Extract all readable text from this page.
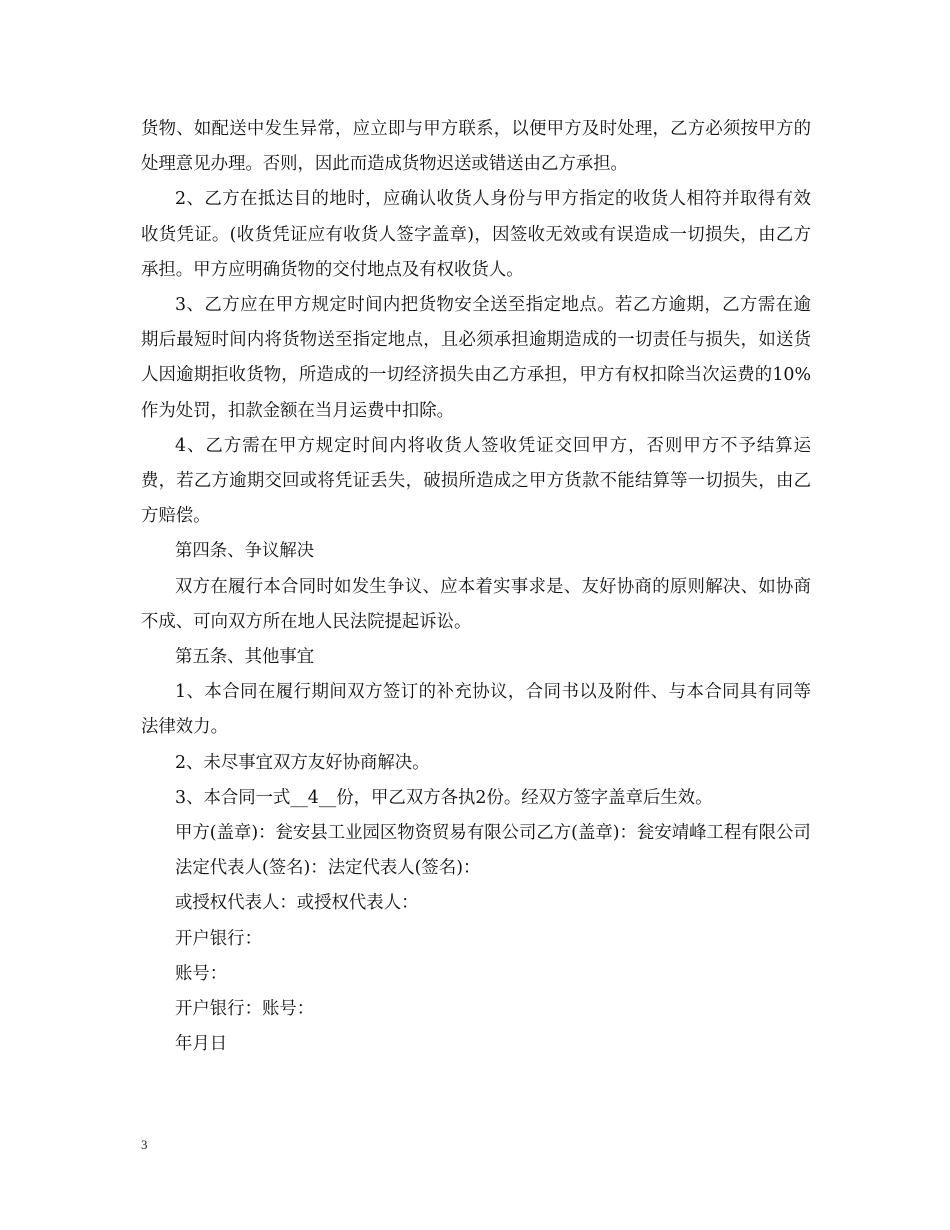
货物、如配送中发生异常，应立即与甲方联系，以便甲方及时处理，乙方必须按甲方的处理意见办理。否则，因此而造成货物迟送或错送由乙方承担。

2、乙方在抵达目的地时，应确认收货人身份与甲方指定的收货人相符并取得有效收货凭证。(收货凭证应有收货人签字盖章)，因签收无效或有误造成一切损失，由乙方承担。甲方应明确货物的交付地点及有权收货人。

3、乙方应在甲方规定时间内把货物安全送至指定地点。若乙方逾期，乙方需在逾期后最短时间内将货物送至指定地点，且必须承担逾期造成的一切责任与损失，如送货人因逾期拒收货物，所造成的一切经济损失由乙方承担，甲方有权扣除当次运费的10%作为处罚，扣款金额在当月运费中扣除。

4、乙方需在甲方规定时间内将收货人签收凭证交回甲方，否则甲方不予结算运费，若乙方逾期交回或将凭证丢失，破损所造成之甲方货款不能结算等一切损失，由乙方赔偿。

第四条、争议解决

双方在履行本合同时如发生争议、应本着实事求是、友好协商的原则解决、如协商不成、可向双方所在地人民法院提起诉讼。

第五条、其他事宜

1、本合同在履行期间双方签订的补充协议，合同书以及附件、与本合同具有同等法律效力。

2、未尽事宜双方友好协商解决。

3、本合同一式__4__份，甲乙双方各执2份。经双方签字盖章后生效。

甲方(盖章)：瓮安县工业园区物资贸易有限公司乙方(盖章)：瓮安靖峰工程有限公司

法定代表人(签名)：法定代表人(签名)：

或授权代表人：或授权代表人：

开户银行：

账号：

开户银行：账号：

年月日

3
